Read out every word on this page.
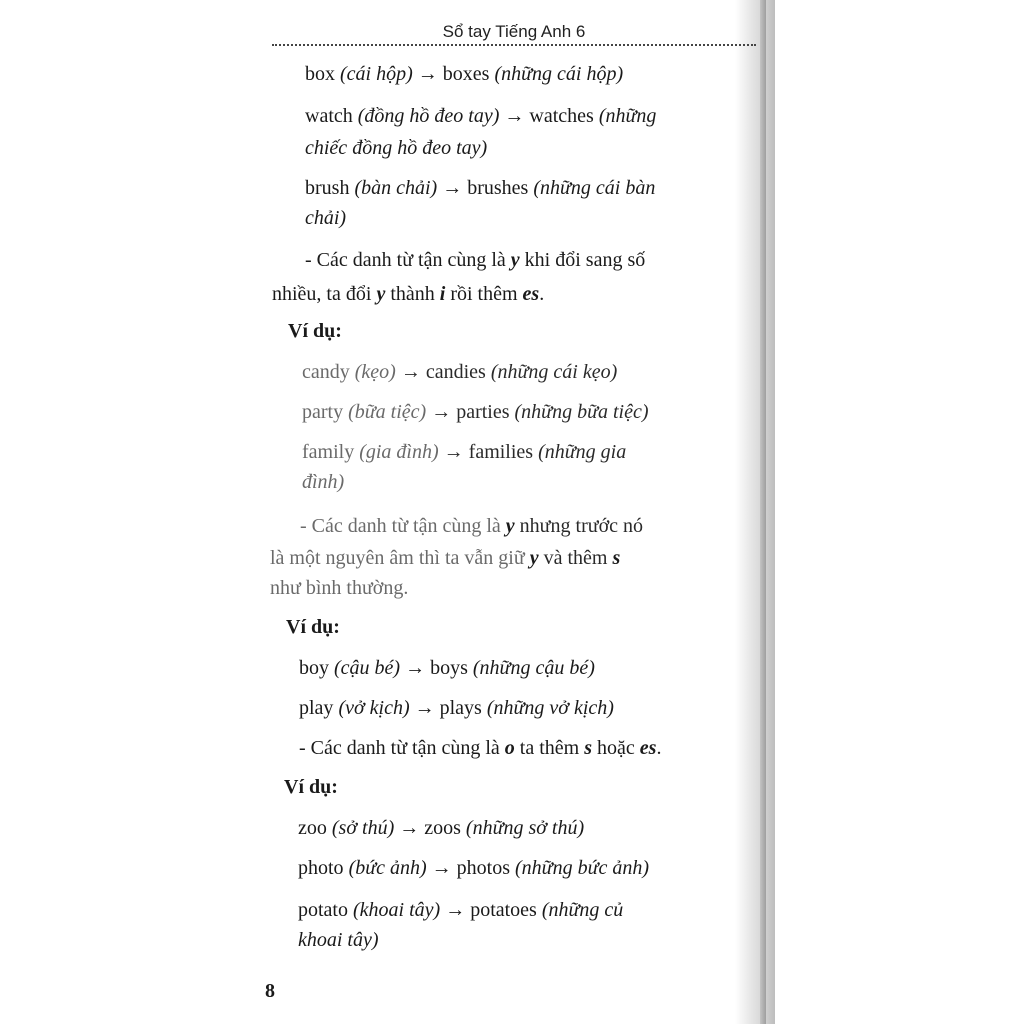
Sổ tay Tiếng Anh 6
box (cái hộp) → boxes (những cái hộp)
watch (đồng hồ đeo tay) → watches (những
chiếc đồng hồ đeo tay)
brush (bàn chải) → brushes (những cái bàn
chải)
- Các danh từ tận cùng là y khi đổi sang số
nhiều, ta đổi y thành i rồi thêm es.
Ví dụ:
candy (kẹo) → candies (những cái kẹo)
party (bữa tiệc) → parties (những bữa tiệc)
family (gia đình) → families (những gia
đình)
- Các danh từ tận cùng là y nhưng trước nó
là một nguyên âm thì ta vẫn giữ y và thêm s
như bình thường.
Ví dụ:
boy (cậu bé) → boys (những cậu bé)
play (vở kịch) → plays (những vở kịch)
- Các danh từ tận cùng là o ta thêm s hoặc es.
Ví dụ:
zoo (sở thú) → zoos (những sở thú)
photo (bức ảnh) → photos (những bức ảnh)
potato (khoai tây) → potatoes (những củ
khoai tây)
8
